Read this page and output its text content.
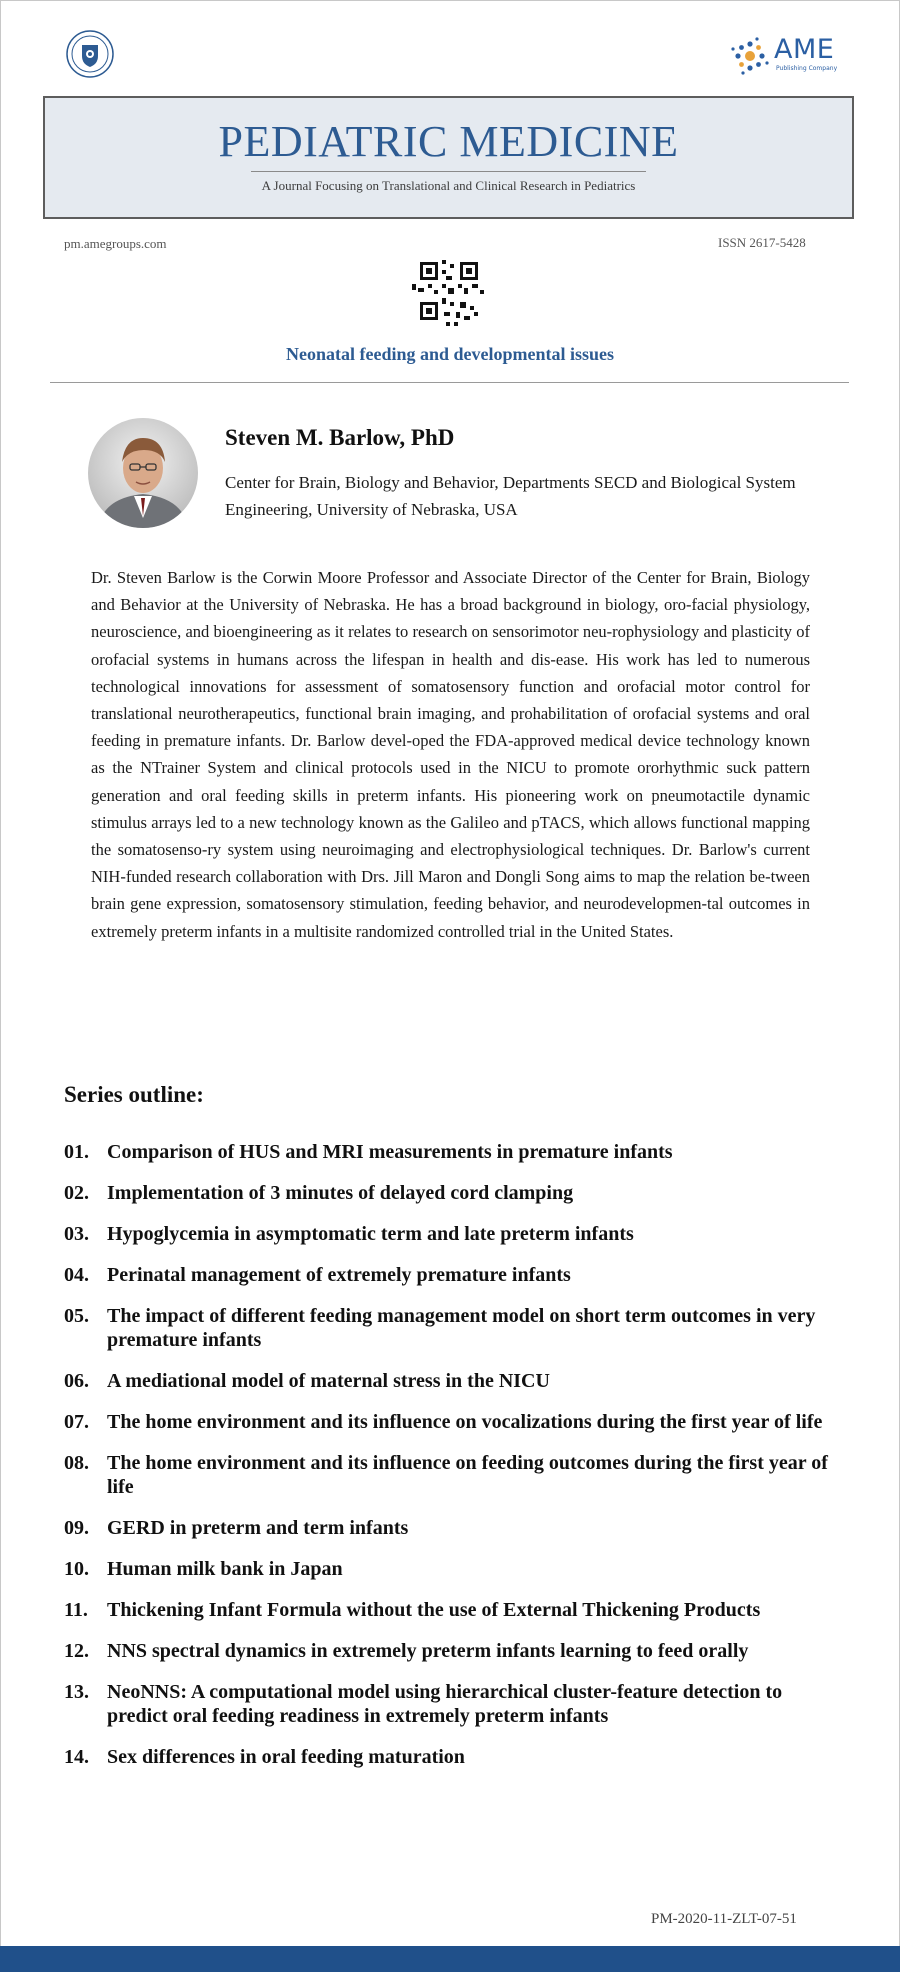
AME
Publishing Company
PEDIATRIC MEDICINE
A Journal Focusing on Translational and Clinical Research in Pediatrics
pm.amegroups.com	ISSN 2617-5428
Neonatal feeding and developmental issues
Steven M. Barlow, PhD
Center for Brain, Biology and Behavior, Departments SECD and Biological System Engineering, University of Nebraska, USA
Dr. Steven Barlow is the Corwin Moore Professor and Associate Director of the Center for Brain, Biology and Behavior at the University of Nebraska. He has a broad background in biology, oro-facial physiology, neuroscience, and bioengineering as it relates to research on sensorimotor neu-rophysiology and plasticity of orofacial systems in humans across the lifespan in health and dis-ease. His work has led to numerous technological innovations for assessment of somatosensory function and orofacial motor control for translational neurotherapeutics, functional brain imaging, and prohabilitation of orofacial systems and oral feeding in premature infants. Dr. Barlow devel-oped the FDA-approved medical device technology known as the NTrainer System and clinical protocols used in the NICU to promote ororhythmic suck pattern generation and oral feeding skills in preterm infants. His pioneering work on pneumotactile dynamic stimulus arrays led to a new technology known as the Galileo and pTACS, which allows functional mapping the somatosenso-ry system using neuroimaging and electrophysiological techniques. Dr. Barlow's current NIH-funded research collaboration with Drs. Jill Maron and Dongli Song aims to map the relation be-tween brain gene expression, somatosensory stimulation, feeding behavior, and neurodevelopmen-tal outcomes in extremely preterm infants in a multisite randomized controlled trial in the United States.
Series outline:
01. Comparison of HUS and MRI measurements in premature infants
02. Implementation of 3 minutes of delayed cord clamping
03. Hypoglycemia in asymptomatic term and late preterm infants
04. Perinatal management of extremely premature infants
05. The impact of different feeding management model on short term outcomes in very premature infants
06. A mediational model of maternal stress in the NICU
07. The home environment and its influence on vocalizations during the first year of life
08. The home environment and its influence on feeding outcomes during the first year of life
09. GERD in preterm and term infants
10. Human milk bank in Japan
11. Thickening Infant Formula without the use of External Thickening Products
12. NNS spectral dynamics in extremely preterm infants learning to feed orally
13. NeoNNS: A computational model using hierarchical cluster-feature detection to predict oral feeding readiness in extremely preterm infants
14. Sex differences in oral feeding maturation
PM-2020-11-ZLT-07-51
